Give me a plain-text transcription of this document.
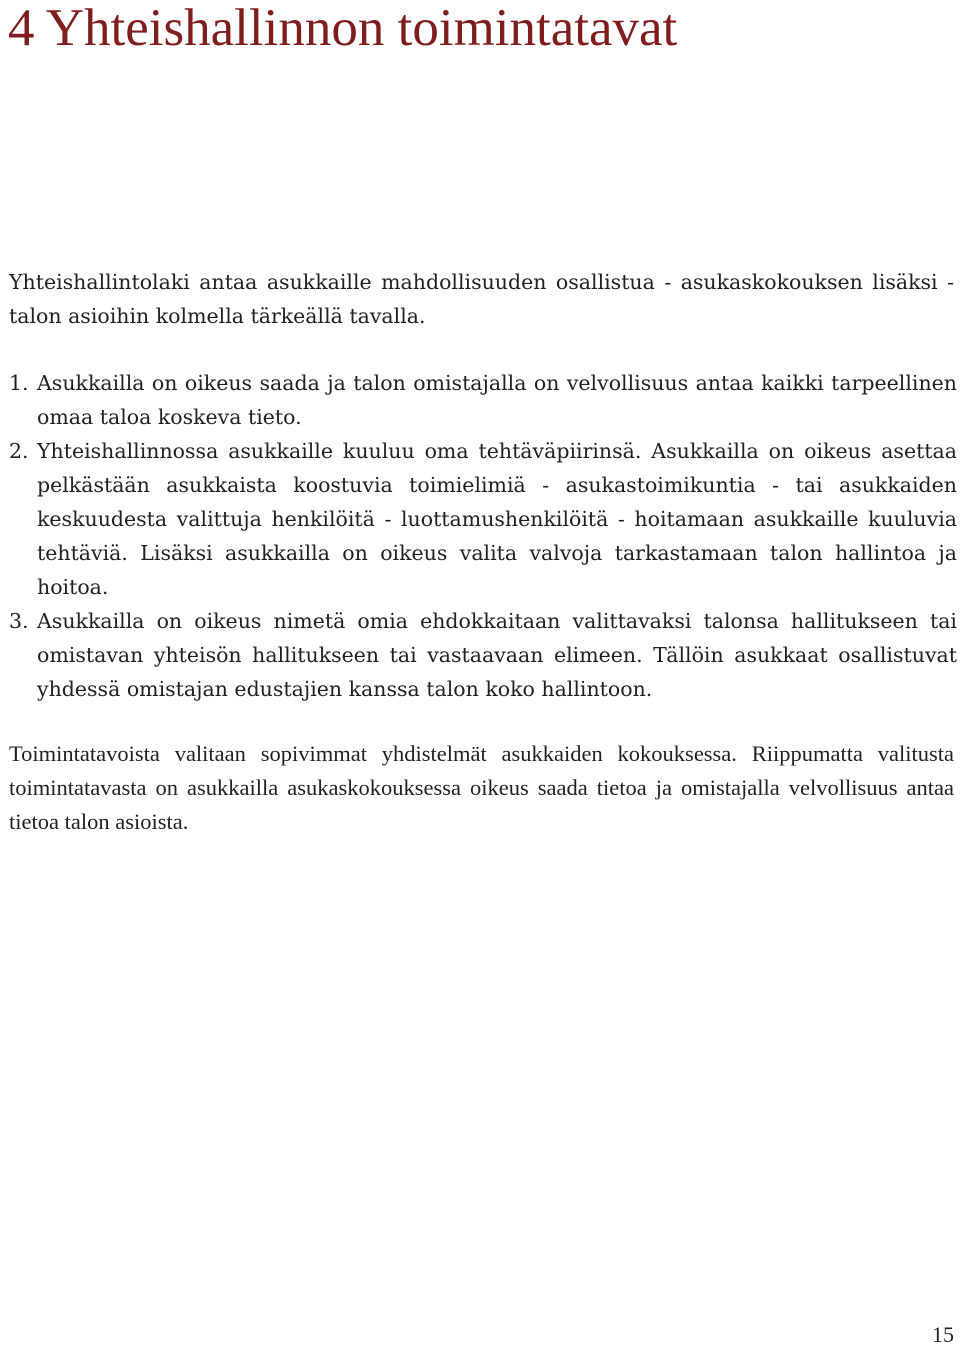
4 Yhteishallinnon toimintatavat

Yhteishallintolaki antaa asukkaille mahdollisuuden osallistua - asukaskokouksen lisäksi - talon asioihin kolmella tärkeällä tavalla.

1. Asukkailla on oikeus saada ja talon omistajalla on velvollisuus antaa kaikki tarpeellinen omaa taloa koskeva tieto.
2. Yhteishallinnossa asukkaille kuuluu oma tehtäväpiirinsä. Asukkailla on oikeus asettaa pelkästään asukkaista koostuvia toimielimiä - asukastoimikuntia - tai asukkaiden keskuudesta valittuja henkilöitä - luottamushenkilöitä - hoitamaan asukkaille kuuluvia tehtäviä. Lisäksi asukkailla on oikeus valita valvoja tarkastamaan talon hallintoa ja hoitoa.
3. Asukkailla on oikeus nimetä omia ehdokkaitaan valittavaksi talonsa hallitukseen tai omistavan yhteisön hallitukseen tai vastaavaan elimeen. Tällöin asukkaat osallistuvat yhdessä omistajan edustajien kanssa talon koko hallintoon.

Toimintatavoista valitaan sopivimmat yhdistelmät asukkaiden kokouksessa. Riippumatta valitusta toimintatavasta on asukkailla asukaskokouksessa oikeus saada tietoa ja omistajalla velvollisuus antaa tietoa talon asioista.

15
